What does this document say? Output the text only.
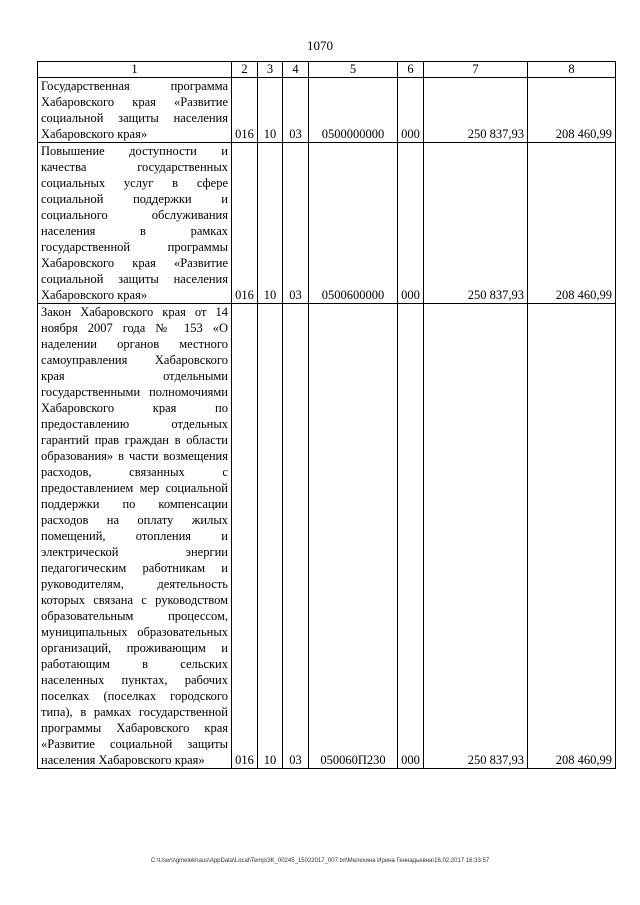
1070
1	2	3	4	5	6	7	8
Государственная программа Хабаровского края «Развитие социальной защиты населения Хабаровского края»	016	10	03	0500000000	000	250 837,93	208 460,99
Повышение доступности и качества государственных социальных услуг в сфере социальной поддержки и социального обслуживания населения в рамках государственной программы Хабаровского края «Развитие социальной защиты населения Хабаровского края»	016	10	03	0500600000	000	250 837,93	208 460,99
Закон Хабаровского края от 14 ноября 2007 года № 153 «О наделении органов местного самоуправления Хабаровского края отдельными государственными полномочиями Хабаровского края по предоставлению отдельных гарантий прав граждан в области образования» в части возмещения расходов, связанных с предоставлением мер социальной поддержки по компенсации расходов на оплату жилых помещений, отопления и электрической энергии педагогическим работникам и руководителям, деятельность которых связана с руководством образовательным процессом, муниципальных образовательных организаций, проживающим и работающим в сельских населенных пунктах, рабочих поселках (поселках городского типа), в рамках государственной программы Хабаровского края «Развитие социальной защиты населения Хабаровского края»	016	10	03	050060П230	000	250 837,93	208 460,99
C:\Users\gmelekhaus\AppData\Local\Temp\3K_00245_15022017_007.txt\Мелехина Ирина Геннадьевна\16.02.2017 16:33:57
